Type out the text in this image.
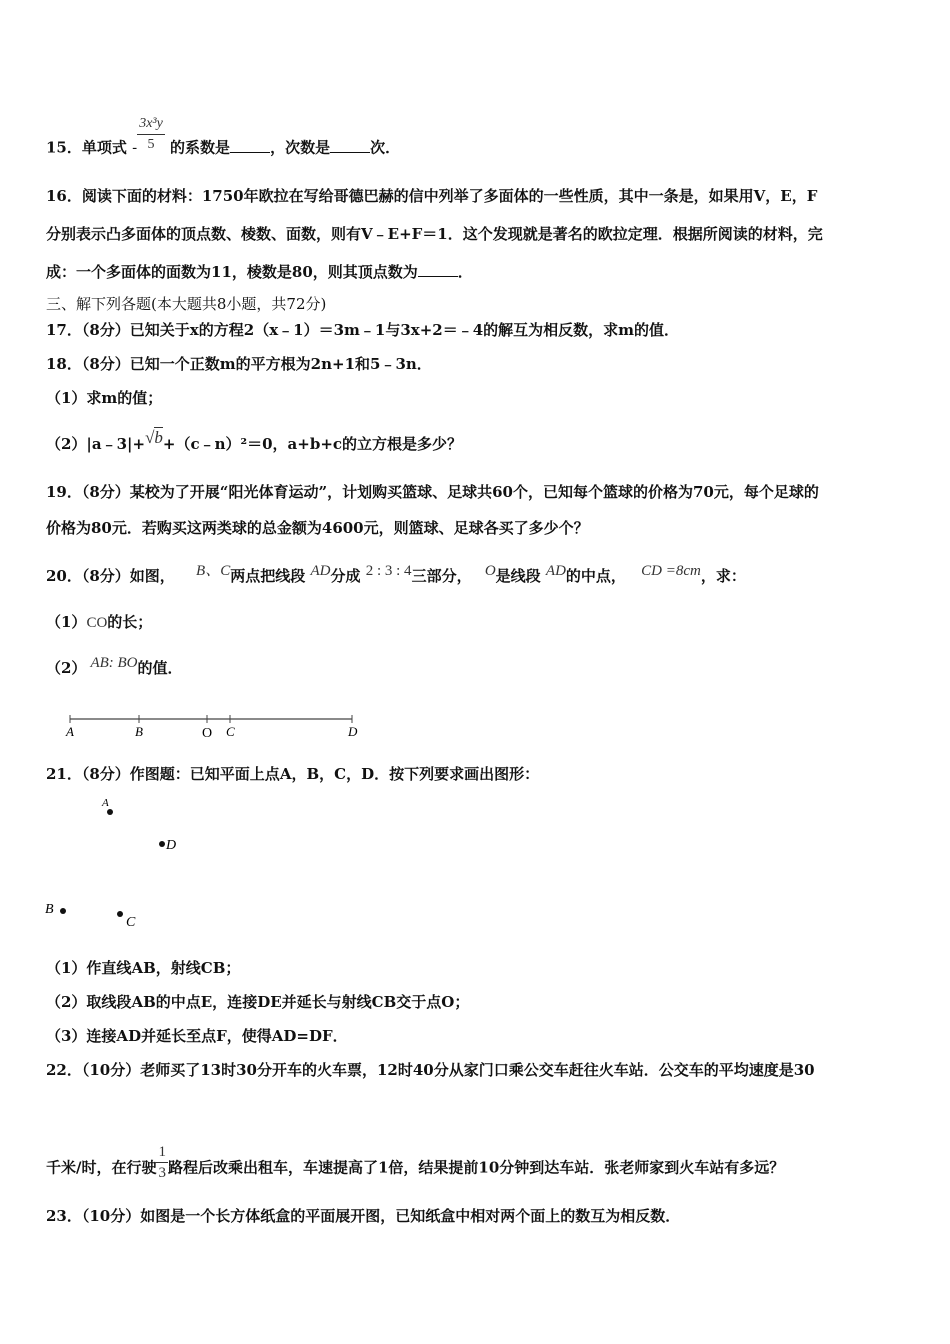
15．单项式 - $\frac{\text{3x³y}}{5}$ 的系数是	，次数是	次．
16．阅读下面的材料：1750年欧拉在写给哥德巴赫的信中列举了多面体的一些性质，其中一条是，如果用V，E，F
分别表示凸多面体的顶点数、棱数、面数，则有V﹣E+F＝1．这个发现就是著名的欧拉定理．根据所阅读的材料，完
成：一个多面体的面数为11，棱数是80，则其顶点数为	．
三、解下列各题(本大题共8小题，共72分)
17．（8分）已知关于x的方程2（x﹣1）＝3m﹣1与3x+2＝﹣4的解互为相反数，求m的值．
18．（8分）已知一个正数m的平方根为2n+1和5﹣3n．
（1）求m的值；
（2）|a﹣3|+√b+（c﹣n）²＝0，a+b+c的立方根是多少？
19．（8分）某校为了开展“阳光体育运动”，计划购买篮球、足球共60个，已知每个篮球的价格为70元，每个足球的
价格为80元．若购买这两类球的总金额为4600元，则篮球、足球各买了多少个？
20．（8分）如图， B、C两点把线段 AD分成 2 : 3 : 4三部分， O是线段 AD的中点， CD =8cm，求：
（1）CO的长；
（2） AB: BO的值．
A	B	O C	D
21．（8分）作图题：已知平面上点A，B，C，D．按下列要求画出图形：
A
D
B
C
（1）作直线AB，射线CB；
（2）取线段AB的中点E，连接DE并延长与射线CB交于点O；
（3）连接AD并延长至点F，使得AD=DF．
22．（10分）老师买了13时30分开车的火车票，12时40分从家门口乘公交车赶往火车站．公交车的平均速度是30
千米/时，在行驶 $\frac{1}{3}$ 路程后改乘出租车，车速提高了1倍，结果提前10分钟到达车站．张老师家到火车站有多远？
23．（10分）如图是一个长方体纸盒的平面展开图，已知纸盒中相对两个面上的数互为相反数．
